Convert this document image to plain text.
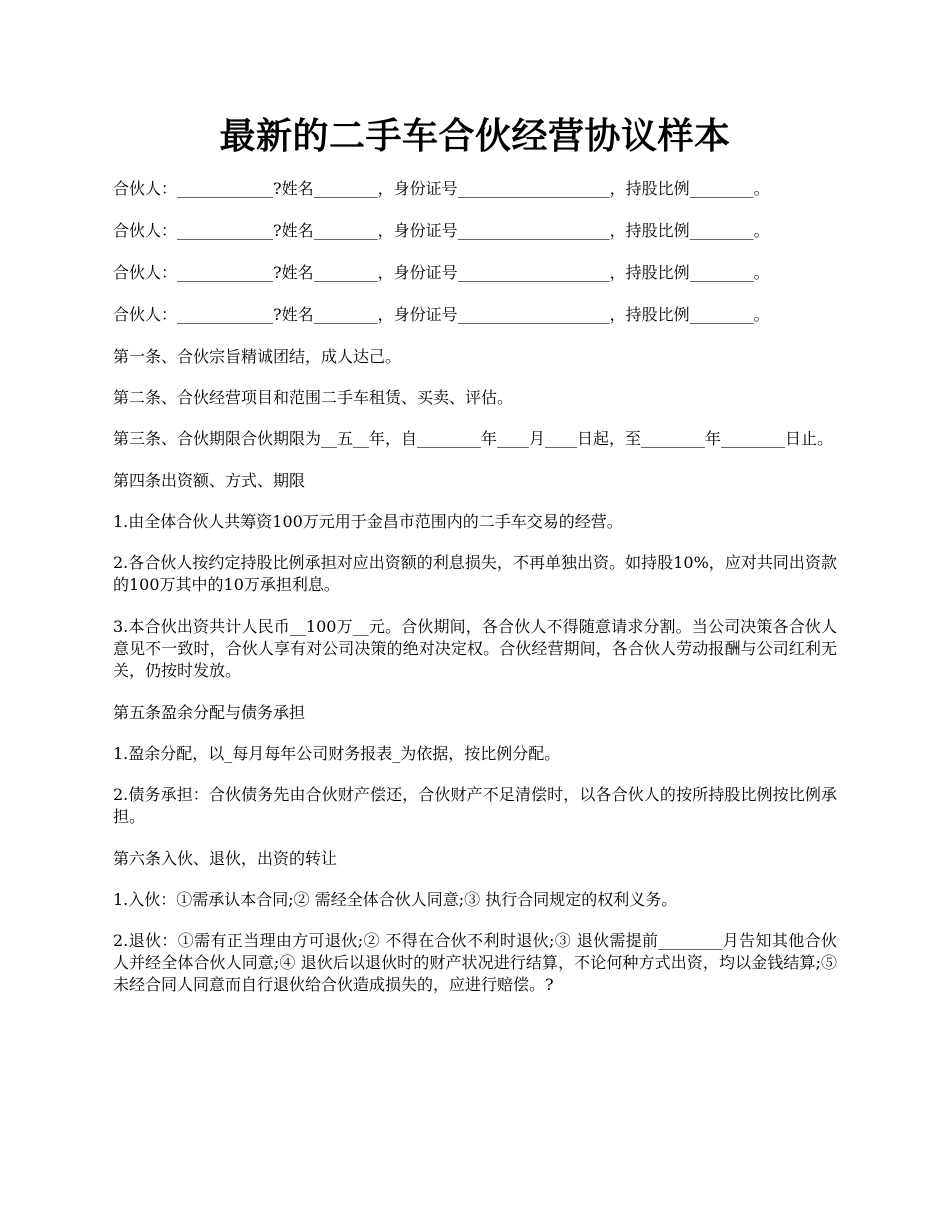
最新的二手车合伙经营协议样本

合伙人：____________?姓名________，身份证号___________________，持股比例________。

合伙人：____________?姓名________，身份证号___________________，持股比例________。

合伙人：____________?姓名________，身份证号___________________，持股比例________。

合伙人：____________?姓名________，身份证号___________________，持股比例________。

第一条、合伙宗旨精诚团结，成人达己。

第二条、合伙经营项目和范围二手车租赁、买卖、评估。

第三条、合伙期限合伙期限为__五__年，自________年____月____日起，至________年________日止。

第四条出资额、方式、期限

1.由全体合伙人共筹资100万元用于金昌市范围内的二手车交易的经营。

2.各合伙人按约定持股比例承担对应出资额的利息损失，不再单独出资。如持股10%，应对共同出资款的100万其中的10万承担利息。

3.本合伙出资共计人民币__100万__元。合伙期间，各合伙人不得随意请求分割。当公司决策各合伙人意见不一致时，合伙人享有对公司决策的绝对决定权。合伙经营期间，各合伙人劳动报酬与公司红利无关，仍按时发放。

第五条盈余分配与债务承担

1.盈余分配，以_每月每年公司财务报表_为依据，按比例分配。

2.债务承担：合伙债务先由合伙财产偿还，合伙财产不足清偿时，以各合伙人的按所持股比例按比例承担。

第六条入伙、退伙，出资的转让

1.入伙：①需承认本合同;② 需经全体合伙人同意;③ 执行合同规定的权利义务。

2.退伙：①需有正当理由方可退伙;② 不得在合伙不利时退伙;③ 退伙需提前________月告知其他合伙人并经全体合伙人同意;④ 退伙后以退伙时的财产状况进行结算，不论何种方式出资，均以金钱结算;⑤ 未经合同人同意而自行退伙给合伙造成损失的，应进行赔偿。?
